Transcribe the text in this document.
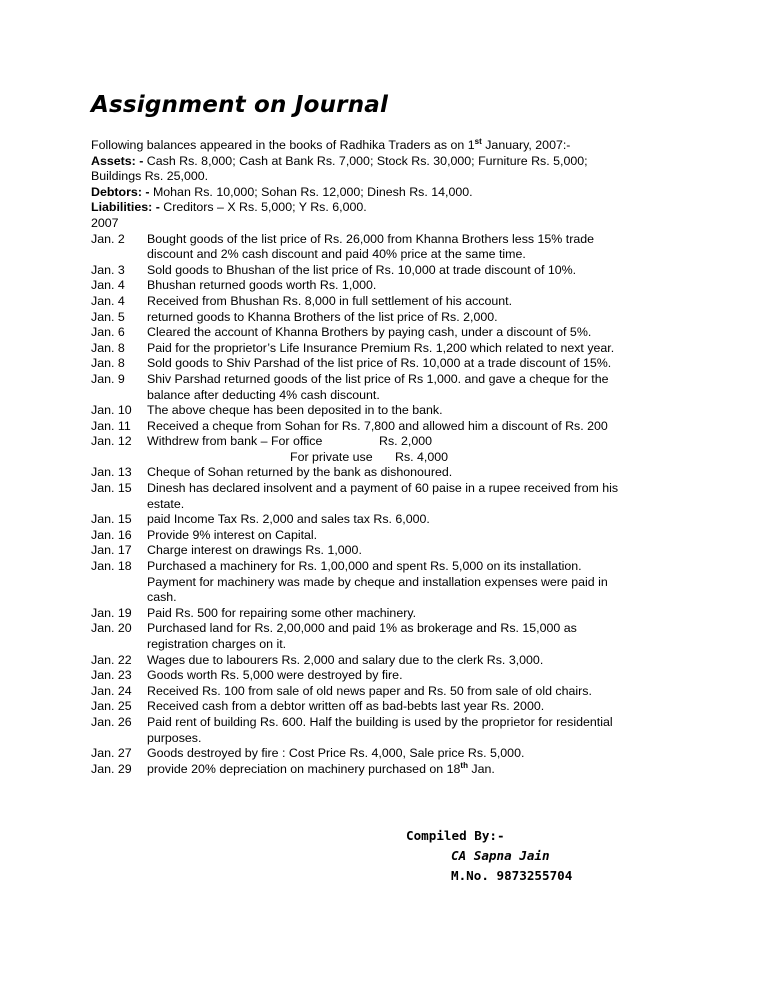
Assignment on Journal
Following balances appeared in the books of Radhika Traders as on 1st January, 2007:-
Assets: - Cash Rs. 8,000; Cash at Bank Rs. 7,000; Stock Rs. 30,000; Furniture Rs. 5,000;
Buildings Rs. 25,000.
Debtors: - Mohan Rs. 10,000; Sohan Rs. 12,000; Dinesh Rs. 14,000.
Liabilities: - Creditors – X Rs. 5,000; Y Rs. 6,000.
2007
Jan. 2	Bought goods of the list price of Rs. 26,000 from Khanna Brothers less 15% trade
discount and 2% cash discount and paid 40% price at the same time.
Jan. 3	Sold goods to Bhushan of the list price of Rs. 10,000 at trade discount of 10%.
Jan. 4	Bhushan returned goods worth Rs. 1,000.
Jan. 4	Received from Bhushan Rs. 8,000 in full settlement of his account.
Jan. 5	returned goods to Khanna Brothers of the list price of Rs. 2,000.
Jan. 6	Cleared the account of Khanna Brothers by paying cash, under a discount of 5%.
Jan. 8	Paid for the proprietor’s Life Insurance Premium Rs. 1,200 which related to next year.
Jan. 8	Sold goods to Shiv Parshad of the list price of Rs. 10,000 at a trade discount of 15%.
Jan. 9	Shiv Parshad returned goods of the list price of Rs 1,000. and gave a cheque for the
balance after deducting 4% cash discount.
Jan. 10	The above cheque has been deposited in to the bank.
Jan. 11	Received a cheque from Sohan for Rs. 7,800 and allowed him a discount of Rs. 200
Jan. 12	Withdrew from bank – For office	Rs. 2,000
For private use	Rs. 4,000
Jan. 13	Cheque of Sohan returned by the bank as dishonoured.
Jan. 15	Dinesh has declared insolvent and a payment of 60 paise in a rupee received from his
estate.
Jan. 15	paid Income Tax Rs. 2,000 and sales tax Rs. 6,000.
Jan. 16	Provide 9% interest on Capital.
Jan. 17	Charge interest on drawings Rs. 1,000.
Jan. 18	Purchased a machinery for Rs. 1,00,000 and spent Rs. 5,000 on its installation.
Payment for machinery was made by cheque and installation expenses were paid in
cash.
Jan. 19	Paid Rs. 500 for repairing some other machinery.
Jan. 20	Purchased land for Rs. 2,00,000 and paid 1% as brokerage and Rs. 15,000 as
registration charges on it.
Jan. 22	Wages due to labourers Rs. 2,000 and salary due to the clerk Rs. 3,000.
Jan. 23	Goods worth Rs. 5,000 were destroyed by fire.
Jan. 24	Received Rs. 100 from sale of old news paper and Rs. 50 from sale of old chairs.
Jan. 25	Received cash from a debtor written off as bad-bebts last year Rs. 2000.
Jan. 26	Paid rent of building Rs. 600. Half the building is used by the proprietor for residential
purposes.
Jan. 27	Goods destroyed by fire : Cost Price Rs. 4,000, Sale price Rs. 5,000.
Jan. 29	provide 20% depreciation on machinery purchased on 18th Jan.
Compiled By:-
CA Sapna Jain
M.No. 9873255704
